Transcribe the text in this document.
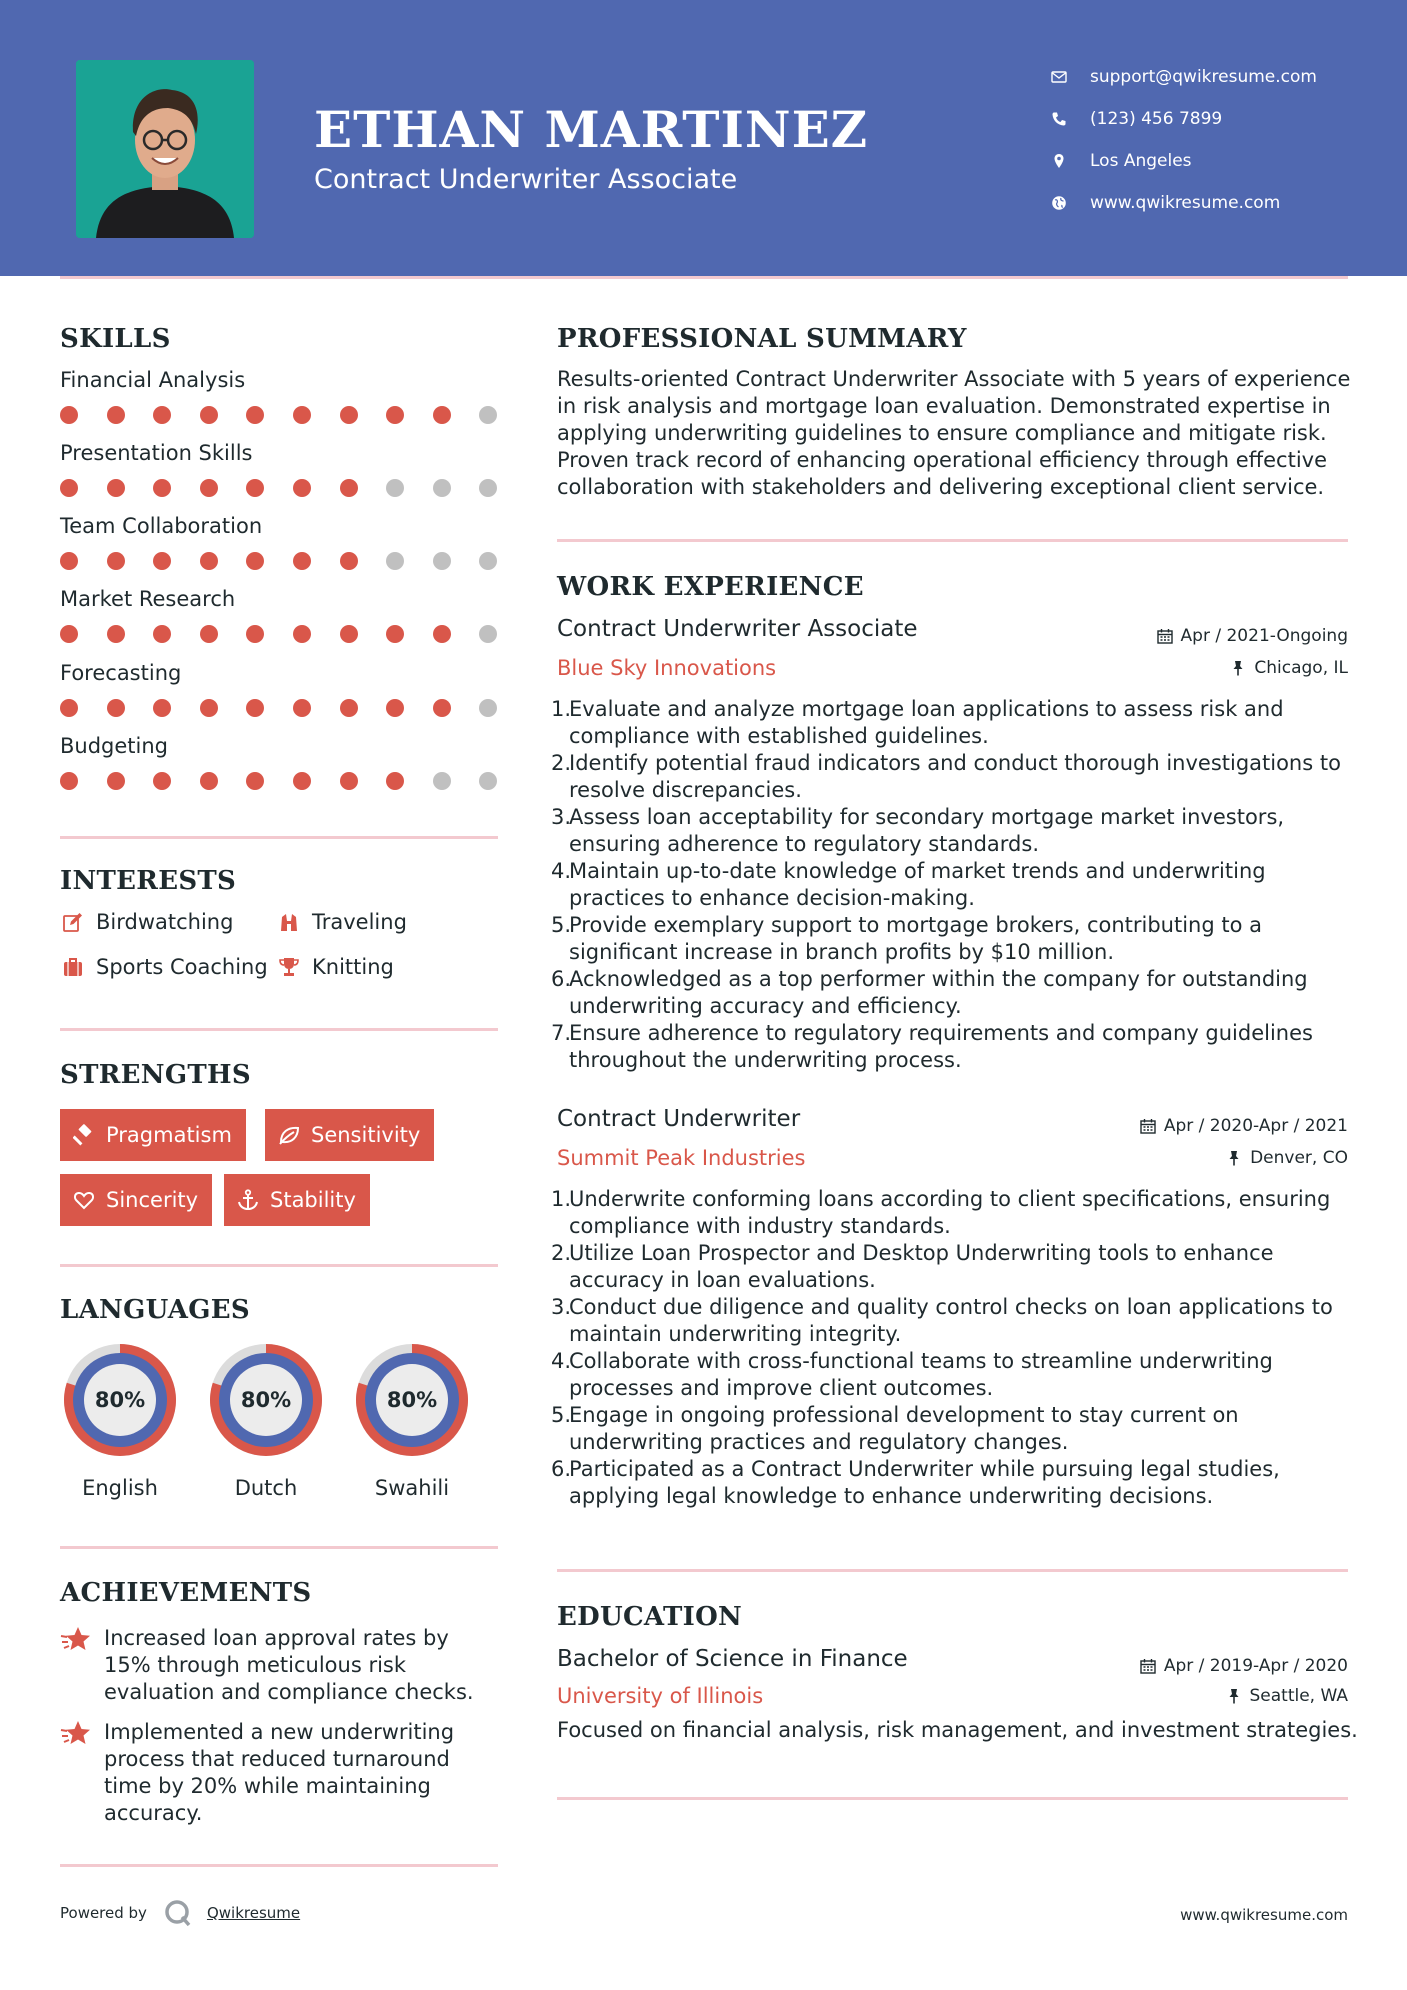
ETHAN MARTINEZ
Contract Underwriter Associate
support@qwikresume.com
(123) 456 7899
Los Angeles
www.qwikresume.com
SKILLS
Financial Analysis
Presentation Skills
Team Collaboration
Market Research
Forecasting
Budgeting
INTERESTS
Birdwatching	Traveling
Sports Coaching Knitting
STRENGTHS
Pragmatism	Sensitivity
Sincerity	Stability
LANGUAGES
80%
English
80%
Dutch
80%
Swahili
ACHIEVEMENTS
Increased loan approval rates by 15% through meticulous risk evaluation and compliance checks.
Implemented a new underwriting process that reduced turnaround time by 20% while maintaining accuracy.
PROFESSIONAL SUMMARY
Results-oriented Contract Underwriter Associate with 5 years of experience in risk analysis and mortgage loan evaluation. Demonstrated expertise in applying underwriting guidelines to ensure compliance and mitigate risk. Proven track record of enhancing operational efficiency through effective collaboration with stakeholders and delivering exceptional client service.
WORK EXPERIENCE
Contract Underwriter Associate	Apr / 2021-Ongoing
Blue Sky Innovations	Chicago, IL
1.
Evaluate and analyze mortgage loan applications to assess risk and compliance with established guidelines.
2.
Identify potential fraud indicators and conduct thorough investigations to resolve discrepancies.
3.
Assess loan acceptability for secondary mortgage market investors, ensuring adherence to regulatory standards.
4.
Maintain up-to-date knowledge of market trends and underwriting practices to enhance decision-making.
5.
Provide exemplary support to mortgage brokers, contributing to a significant increase in branch profits by $10 million.
6.
Acknowledged as a top performer within the company for outstanding underwriting accuracy and efficiency.
7.
Ensure adherence to regulatory requirements and company guidelines throughout the underwriting process.
Contract Underwriter	Apr / 2020-Apr / 2021
Summit Peak Industries	Denver, CO
1.
Underwrite conforming loans according to client specifications, ensuring compliance with industry standards.
2.
Utilize Loan Prospector and Desktop Underwriting tools to enhance accuracy in loan evaluations.
3.
Conduct due diligence and quality control checks on loan applications to maintain underwriting integrity.
4.
Collaborate with cross-functional teams to streamline underwriting processes and improve client outcomes.
5.
Engage in ongoing professional development to stay current on underwriting practices and regulatory changes.
6.
Participated as a Contract Underwriter while pursuing legal studies, applying legal knowledge to enhance underwriting decisions.
EDUCATION
Bachelor of Science in Finance	Apr / 2019-Apr / 2020
University of Illinois	Seattle, WA
Focused on financial analysis, risk management, and investment strategies.
Powered by	Qwikresume	www.qwikresume.com
